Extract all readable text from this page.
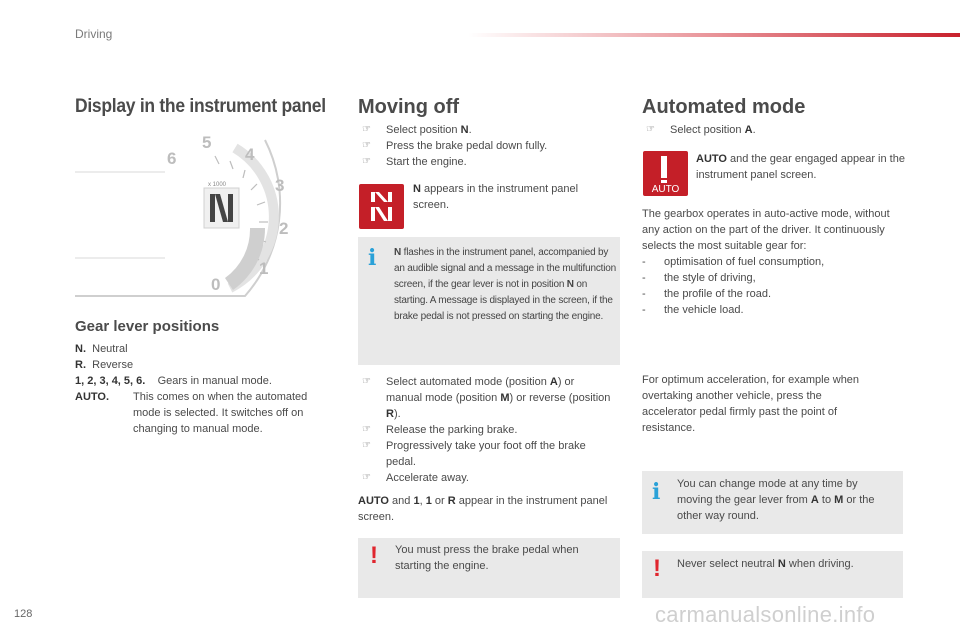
Driving
Display in the instrument panel
6
5
4
3
2
1
0
x 1000
Gear lever positions
N. Neutral
R. Reverse
1, 2, 3, 4, 5, 6. Gears in manual mode.
AUTO.	This comes on when the automated mode is selected. It switches off on changing to manual mode.
Moving off
☞ Select position N.
☞ Press the brake pedal down fully.
☞ Start the engine.
N appears in the instrument panel screen.
i N flashes in the instrument panel, accompanied by an audible signal and a message in the multifunction screen, if the gear lever is not in position N on starting. A message is displayed in the screen, if the brake pedal is not pressed on starting the engine.
☞ Select automated mode (position A) or manual mode (position M) or reverse (position R).
☞ Release the parking brake.
☞ Progressively take your foot off the brake pedal.
☞ Accelerate away.
AUTO and 1, 1 or R appear in the instrument panel screen.
! You must press the brake pedal when starting the engine.
Automated mode
☞ Select position A.
AUTO
AUTO and the gear engaged appear in the instrument panel screen.
The gearbox operates in auto-active mode, without any action on the part of the driver. It continuously selects the most suitable gear for:
-	optimisation of fuel consumption,
-	the style of driving,
-	the profile of the road.
-	the vehicle load.
For optimum acceleration, for example when overtaking another vehicle, press the accelerator pedal firmly past the point of resistance.
i You can change mode at any time by moving the gear lever from A to M or the other way round.
! Never select neutral N when driving.
128	carmanualsonline.info
